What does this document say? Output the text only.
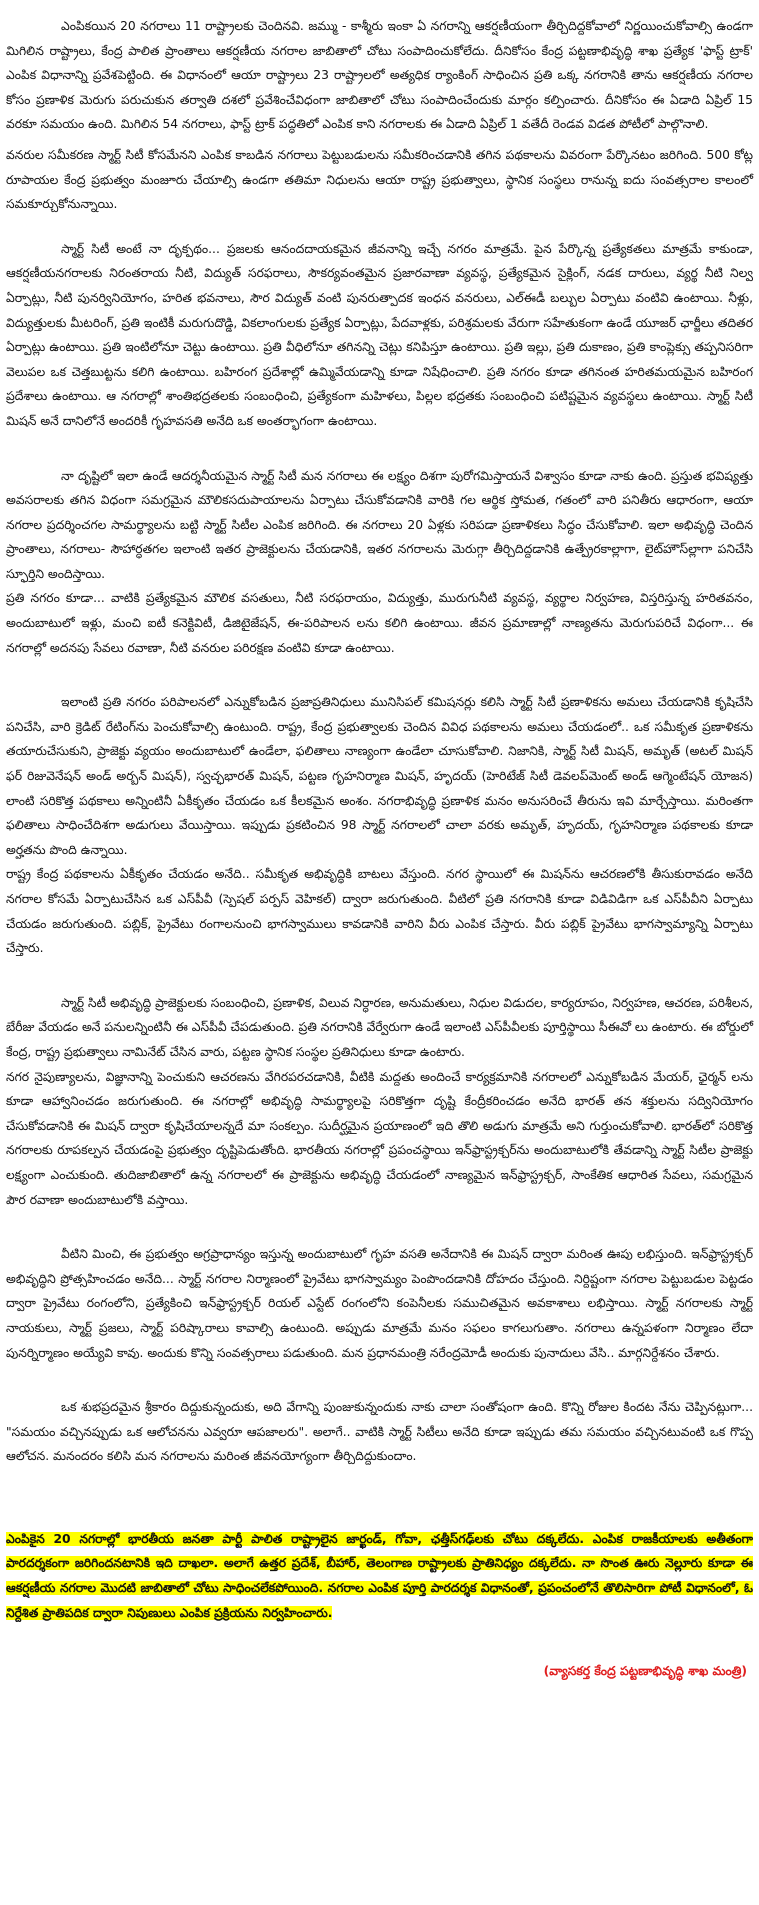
ఎంపికయిన 20 నగరాలు 11 రాష్ట్రాలకు చెందినవి. జమ్ము - కాశ్మీరు ఇంకా ఏ నగరాన్ని ఆకర్షణీయంగా తీర్చిదిద్దకోవాలో నిర్ణయించుకోవాల్సి ఉండగా మిగిలిన రాష్ట్రాలు, కేంద్ర పాలిత ప్రాంతాలు ఆకర్షణీయ నగరాల జాబితాలో చోటు సంపాదించుకోలేదు. దీనికోసం కేంద్ర పట్టణాభివృద్ధి శాఖ ప్రత్యేక 'ఫాస్ట్ ట్రాక్' ఎంపిక విధానాన్ని ప్రవేశపెట్టింది. ఈ విధానంలో ఆయా రాష్ట్రాలు 23 రాష్ట్రాలలో అత్యధిక ర్యాంకింగ్ సాధించిన ప్రతి ఒక్క నగరానికి తాను ఆకర్షణీయ నగరాల కోసం ప్రణాళిక మెరుగు పరుచుకున తర్వాతి దశలో ప్రవేశించేవిధంగా జాబితాలో చోటు సంపాదించేందుకు మార్గం కల్పించారు. దీనికోసం ఈ ఏడాది ఏప్రిల్ 15 వరకూ సమయం ఉంది. మిగిలిన 54 నగరాలు, ఫాస్ట్ ట్రాక్ పద్ధతిలో ఎంపిక కాని నగరాలకు ఈ ఏడాది ఏప్రిల్ 1 వతేదీ రెండవ విడత పోటీలో పాల్గొనాలి.

వనరుల సమీకరణ స్మార్ట్ సిటీ కోసమేనని ఎంపిక కాబడిన నగరాలు పెట్టుబడులను సమీకరించడానికి తగిన పథకాలను వివరంగా పేర్కొనటం జరిగింది. 500 కోట్ల రూపాయల కేంద్ర ప్రభుత్వం మంజూరు చేయాల్సి ఉండగా తతిమా నిధులను ఆయా రాష్ట్ర ప్రభుత్వాలు, స్థానిక సంస్థలు రానున్న ఐదు సంవత్సరాల కాలంలో సమకూర్చుకోనున్నాయి.

స్మార్ట్ సిటీ అంటే నా దృక్పథం... ప్రజలకు ఆనందదాయకమైన జీవనాన్ని ఇచ్చే నగరం మాత్రమే. పైన పేర్కొన్న ప్రత్యేకతలు మాత్రమే కాకుండా, ఆకర్షణీయనగరాలకు నిరంతరాయ నీటి, విద్యుత్ సరఫరాలు, సౌకర్యవంతమైన ప్రజారవాణా వ్యవస్థ, ప్రత్యేకమైన సైక్లింగ్, నడక దారులు, వ్యర్థ నీటి నిల్వ ఏర్పాట్లు, నీటి పునర్వినియోగం, హరిత భవనాలు, సౌర విద్యుత్ వంటి పునరుత్పాదక ఇంధన వనరులు, ఎల్ఈడీ బల్బుల ఏర్పాటు వంటివి ఉంటాయి. నీళ్లు, విద్యుత్తులకు మీటరింగ్, ప్రతి ఇంటికీ మరుగుదొడ్డి, వికలాంగులకు ప్రత్యేక ఏర్పాట్లు, పేదవాళ్లకు, పరిశ్రమలకు వేరుగా సహేతుకంగా ఉండే యూజర్ ఛార్జీలు తదితర ఏర్పాట్లు ఉంటాయి. ప్రతి ఇంటిలోనూ చెట్టు ఉంటాయి. ప్రతి వీధిలోనూ తగినన్ని చెట్లు కనిపిస్తూ ఉంటాయి. ప్రతి ఇల్లు, ప్రతి దుకాణం, ప్రతి కాంప్లెక్సు తప్పనిసరిగా వెలుపల ఒక చెత్తబుట్టను కలిగి ఉంటాయి. బహిరంగ ప్రదేశాల్లో ఉమ్మివేయడాన్ని కూడా నిషేధించాలి. ప్రతి నగరం కూడా తగినంత హరితమయమైన బహిరంగ ప్రదేశాలు ఉంటాయి. ఆ నగరాల్లో శాంతిభద్రతలకు సంబంధించి, ప్రత్యేకంగా మహిళలు, పిల్లల భద్రతకు సంబంధించి పటిష్టమైన వ్యవస్థలు ఉంటాయి. స్మార్ట్ సిటీ మిషన్ అనే దానిలోనే అందరికీ గృహవసతి అనేది ఒక అంతర్భాగంగా ఉంటాయి.

నా దృష్టిలో ఇలా ఉండే ఆదర్శనీయమైన స్మార్ట్ సిటీ మన నగరాలు ఈ లక్ష్యం దిశగా పురోగమిస్తాయనే విశ్వాసం కూడా నాకు ఉంది. ప్రస్తుత భవిష్యత్తు అవసరాలకు తగిన విధంగా సమగ్రమైన మౌలికసదుపాయాలను ఏర్పాటు చేసుకోవడానికి వారికి గల ఆర్థిక స్తోమత, గతంలో వారి పనితీరు ఆధారంగా, ఆయా నగరాల ప్రదర్శించగల సామర్థ్యాలను బట్టి స్మార్ట్ సిటీల ఎంపిక జరిగింది. ఈ నగరాలు 20 ఏళ్లకు సరిపడా ప్రణాళికలు సిద్ధం చేసుకోవాలి. ఇలా అభివృద్ధి చెందిన ప్రాంతాలు, నగరాలు- సౌహార్ధతగల ఇలాంటి ఇతర ప్రాజెక్టులను చేయడానికి, ఇతర నగరాలను మెరుగ్గా తీర్చిదిద్దడానికి ఉత్ప్రేరకాల్లాగా, లైట్‌హౌస్‌ల్లాగా పనిచేసి స్ఫూర్తిని అందిస్తాయి.

ప్రతి నగరం కూడా... వాటికి ప్రత్యేకమైన మౌలిక వసతులు, నీటి సరఫరాయం, విద్యుత్తు, మురుగునీటి వ్యవస్థ, వ్యర్థాల నిర్వహణ, విస్తరిస్తున్న హరితవనం, అందుబాటులో ఇళ్లు, మంచి ఐటీ కనెక్టివిటీ, డిజిటైజేషన్, ఈ-పరిపాలన లను కలిగి ఉంటాయి. జీవన ప్రమాణాల్లో నాణ్యతను మెరుగుపరిచే విధంగా... ఈ నగరాల్లో అదనపు సేవలు రవాణా, నీటి వనరుల పరిరక్షణ వంటివి కూడా ఉంటాయి.

ఇలాంటి ప్రతి నగరం పరిపాలనలో ఎన్నుకోబడిన ప్రజాప్రతినిధులు మునిసిపల్ కమిషనర్లు కలిసి స్మార్ట్ సిటీ ప్రణాళికను అమలు చేయడానికి కృషిచేసి పనిచేసి, వారి క్రెడిట్ రేటింగ్‌ను పెంచుకోవాల్సి ఉంటుంది. రాష్ట్ర, కేంద్ర ప్రభుత్వాలకు చెందిన వివిధ పథకాలను అమలు చేయడంలో.. ఒక సమీకృత ప్రణాళికను తయారుచేసుకుని, ప్రాజెక్టు వ్యయం అందుబాటులో ఉండేలా, ఫలితాలు నాణ్యంగా ఉండేలా చూసుకోవాలి. నిజానికి, స్మార్ట్ సిటీ మిషన్, అమృత్ (అటల్ మిషన్ ఫర్ రిజువెనేషన్ అండ్ అర్బన్ మిషన్), స్వచ్ఛభారత్ మిషన్, పట్టణ గృహనిర్మాణ మిషన్, హృదయ్ (హెరిటేజ్ సిటీ డెవలప్‌మెంట్ అండ్ ఆగ్మెంటేషన్ యోజన) లాంటి సరికొత్త పథకాలు అన్నింటినీ ఏకీకృతం చేయడం ఒక కీలకమైన అంశం. నగరాభివృద్ధి ప్రణాళిక మనం అనుసరించే తీరును ఇవి మార్చేస్తాయి. మరింతగా ఫలితాలు సాధించేదిశగా అడుగులు వేయిస్తాయి. ఇప్పుడు ప్రకటించిన 98 స్మార్ట్ నగరాలలో చాలా వరకు అమృత్, హృదయ్, గృహనిర్మాణ పథకాలకు కూడా అర్హతను పొంది ఉన్నాయి.

రాష్ట్ర కేంద్ర పథకాలను ఏకీకృతం చేయడం అనేది.. సమీకృత అభివృద్ధికి బాటలు వేస్తుంది. నగర స్థాయిలో ఈ మిషన్‌ను ఆచరణలోకి తీసుకురావడం అనేది నగరాల కోసమే ఏర్పాటుచేసిన ఒక ఎస్‌పీవీ (స్పెషల్ పర్పస్ వెహికల్) ద్వారా జరుగుతుంది. వీటిలో ప్రతి నగరానికి కూడా విడివిడిగా ఒక ఎస్‌పీవీని ఏర్పాటు చేయడం జరుగుతుంది. పబ్లిక్, ప్రైవేటు రంగాలనుంచి భాగస్వాములు కావడానికి వారిని వీరు ఎంపిక చేస్తారు. వీరు పబ్లిక్ ప్రైవేటు భాగస్వామ్యాన్ని ఏర్పాటు చేస్తారు.

స్మార్ట్ సిటీ అభివృద్ధి ప్రాజెక్టులకు సంబంధించి, ప్రణాళిక, విలువ నిర్ధారణ, అనుమతులు, నిధుల విడుదల, కార్యరూపం, నిర్వహణ, ఆచరణ, పరిశీలన, బేరీజు వేయడం అనే పనులన్నింటినీ ఈ ఎస్‌పీవీ చేపడుతుంది. ప్రతి నగరానికి వేర్వేరుగా ఉండే ఇలాంటి ఎస్‌పీవీలకు పూర్తిస్థాయి సీఈవో లు ఉంటారు. ఈ బోర్డులో కేంద్ర, రాష్ట్ర ప్రభుత్వాలు నామినేట్ చేసిన వారు, పట్టణ స్థానిక సంస్థల ప్రతినిధులు కూడా ఉంటారు.

నగర నైపుణ్యాలను, విజ్ఞానాన్ని పెంచుకుని ఆచరణను వేగిరపరచడానికి, వీటికి మద్దతు అందించే కార్యక్రమానికి నగరాలలో ఎన్నుకోబడిన మేయర్, ఛైర్మన్ లను కూడా ఆహ్వానించడం జరుగుతుంది. ఈ నగరాల్లో అభివృద్ధి సామర్థ్యాలపై సరికొత్తగా దృష్టి కేంద్రీకరించడం అనేది భారత్ తన శక్తులను సద్వినియోగం చేసుకోవడానికి ఈ మిషన్ ద్వారా కృషిచేయాలన్నదే మా సంకల్పం. సుదీర్ఘమైన ప్రయాణంలో ఇది తొలి అడుగు మాత్రమే అని గుర్తుంచుకోవాలి. భారత్‌లో సరికొత్త నగరాలకు రూపకల్పన చేయడంపై ప్రభుత్వం దృష్టిపెడుతోంది. భారతీయ నగరాల్లో ప్రపంచస్థాయి ఇన్‌ఫ్రాస్ట్రక్చర్‌ను అందుబాటులోకి తేవడాన్ని స్మార్ట్ సిటీల ప్రాజెక్టు లక్ష్యంగా ఎంచుకుంది. తుదిజాబితాలో ఉన్న నగరాలలో ఈ ప్రాజెక్టును అభివృద్ధి చేయడంలో నాణ్యమైన ఇన్‌ఫ్రాస్ట్రక్చర్, సాంకేతిక ఆధారిత సేవలు, సమగ్రమైన పౌర రవాణా అందుబాటులోకి వస్తాయి.

వీటిని మించి, ఈ ప్రభుత్వం అగ్రప్రాధాన్యం ఇస్తున్న అందుబాటులో గృహ వసతి అనేదానికి ఈ మిషన్ ద్వారా మరింత ఊపు లభిస్తుంది. ఇన్‌ఫ్రాస్ట్రక్చర్ అభివృద్ధిని ప్రోత్సహించడం అనేది... స్మార్ట్ నగరాల నిర్మాణంలో ప్రైవేటు భాగస్వామ్యం పెంపొందడానికి దోహదం చేస్తుంది. నిర్దిష్టంగా నగరాల పెట్టుబడుల పెట్టడం ద్వారా ప్రైవేటు రంగంలోని, ప్రత్యేకించి ఇన్‌ఫ్రాస్ట్రక్చర్ రియల్ ఎస్టేట్ రంగంలోని కంపెనీలకు సముచితమైన అవకాశాలు లభిస్తాయి. స్మార్ట్ నగరాలకు స్మార్ట్ నాయకులు, స్మార్ట్ ప్రజలు, స్మార్ట్ పరిష్కారాలు కావాల్సి ఉంటుంది. అప్పుడు మాత్రమే మనం సఫలం కాగలుగుతాం. నగరాలు ఉన్నపళంగా నిర్మాణం లేదా పునర్నిర్మాణం అయ్యేవి కావు. అందుకు కొన్ని సంవత్సరాలు పడుతుంది. మన ప్రధానమంత్రి నరేంద్రమోడీ అందుకు పునాదులు వేసి.. మార్గనిర్దేశనం చేశారు.

ఒక శుభప్రదమైన శ్రీకారం దిద్దుకున్నందుకు, అది వేగాన్ని పుంజుకున్నందుకు నాకు చాలా సంతోషంగా ఉంది. కొన్ని రోజుల కిందట నేను చెప్పినట్లుగా... "సమయం వచ్చినప్పుడు ఒక ఆలోచనను ఎవ్వరూ ఆపజాలరు". అలాగే.. వాటికి స్మార్ట్ సిటీలు అనేది కూడా ఇప్పుడు తమ సమయం వచ్చినటువంటి ఒక గొప్ప ఆలోచన. మనందరం కలిసి మన నగరాలను మరింత జీవనయోగ్యంగా తీర్చిదిద్దుకుందాం.

ఎంపికైన 20 నగరాల్లో భారతీయ జనతా పార్టీ పాలిత రాష్ట్రాలైన జార్ఖండ్, గోవా, ఛత్తీస్‌గఢ్‌లకు చోటు దక్కలేదు. ఎంపిక రాజకీయాలకు అతీతంగా పారదర్శకంగా జరిగిందనటానికి ఇది దాఖలా. అలాగే ఉత్తర ప్రదేశ్, బీహార్, తెలంగాణ రాష్ట్రాలకు ప్రాతినిధ్యం దక్కలేదు. నా సొంత ఊరు నెల్లూరు కూడా ఈ ఆకర్షణీయ నగరాల మొదటి జాబితాలో చోటు సాధించలేకపోయింది. నగరాల ఎంపిక పూర్తి పారదర్శక విధానంతో, ప్రపంచంలోనే తొలిసారిగా పోటీ విధానంలో, ఓ నిర్దేశిత ప్రాతిపదిక ద్వారా నిపుణులు ఎంపిక ప్రక్రియను నిర్వహించారు.

(వ్యాసకర్త కేంద్ర పట్టణాభివృద్ధి శాఖ మంత్రి)
